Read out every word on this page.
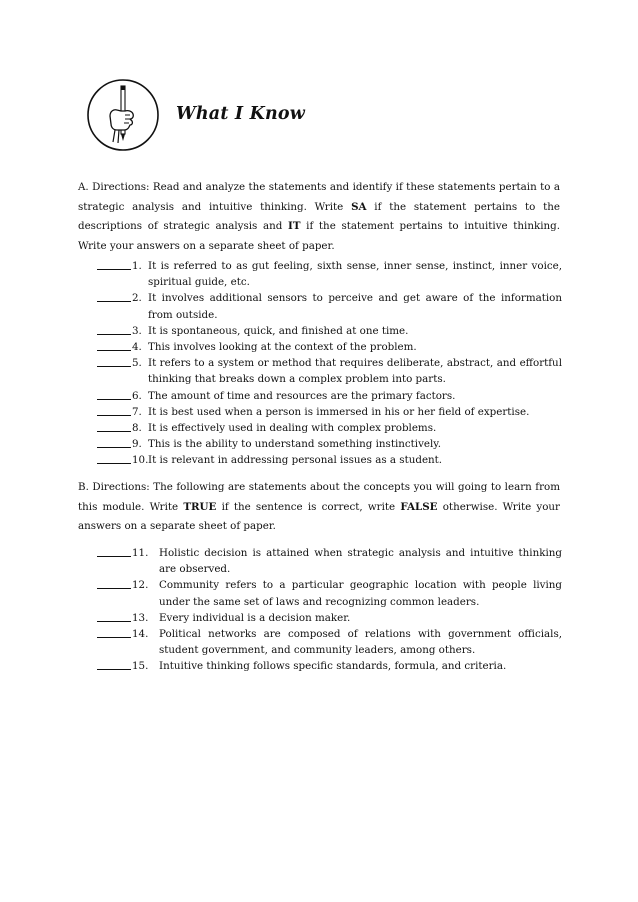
What I Know
A. Directions: Read and analyze the statements and identify if these statements pertain to a strategic analysis and intuitive thinking. Write SA if the statement pertains to the descriptions of strategic analysis and IT if the statement pertains to intuitive thinking. Write your answers on a separate sheet of paper.
1. It is referred to as gut feeling, sixth sense, inner sense, instinct, inner voice, spiritual guide, etc.
2. It involves additional sensors to perceive and get aware of the information from outside.
3. It is spontaneous, quick, and finished at one time.
4. This involves looking at the context of the problem.
5. It refers to a system or method that requires deliberate, abstract, and effortful thinking that breaks down a complex problem into parts.
6. The amount of time and resources are the primary factors.
7. It is best used when a person is immersed in his or her field of expertise.
8. It is effectively used in dealing with complex problems.
9. This is the ability to understand something instinctively.
10. It is relevant in addressing personal issues as a student.
B. Directions: The following are statements about the concepts you will going to learn from this module. Write TRUE if the sentence is correct, write FALSE otherwise. Write your answers on a separate sheet of paper.
11. Holistic decision is attained when strategic analysis and intuitive thinking are observed.
12. Community refers to a particular geographic location with people living under the same set of laws and recognizing common leaders.
13. Every individual is a decision maker.
14. Political networks are composed of relations with government officials, student government, and community leaders, among others.
15. Intuitive thinking follows specific standards, formula, and criteria.
